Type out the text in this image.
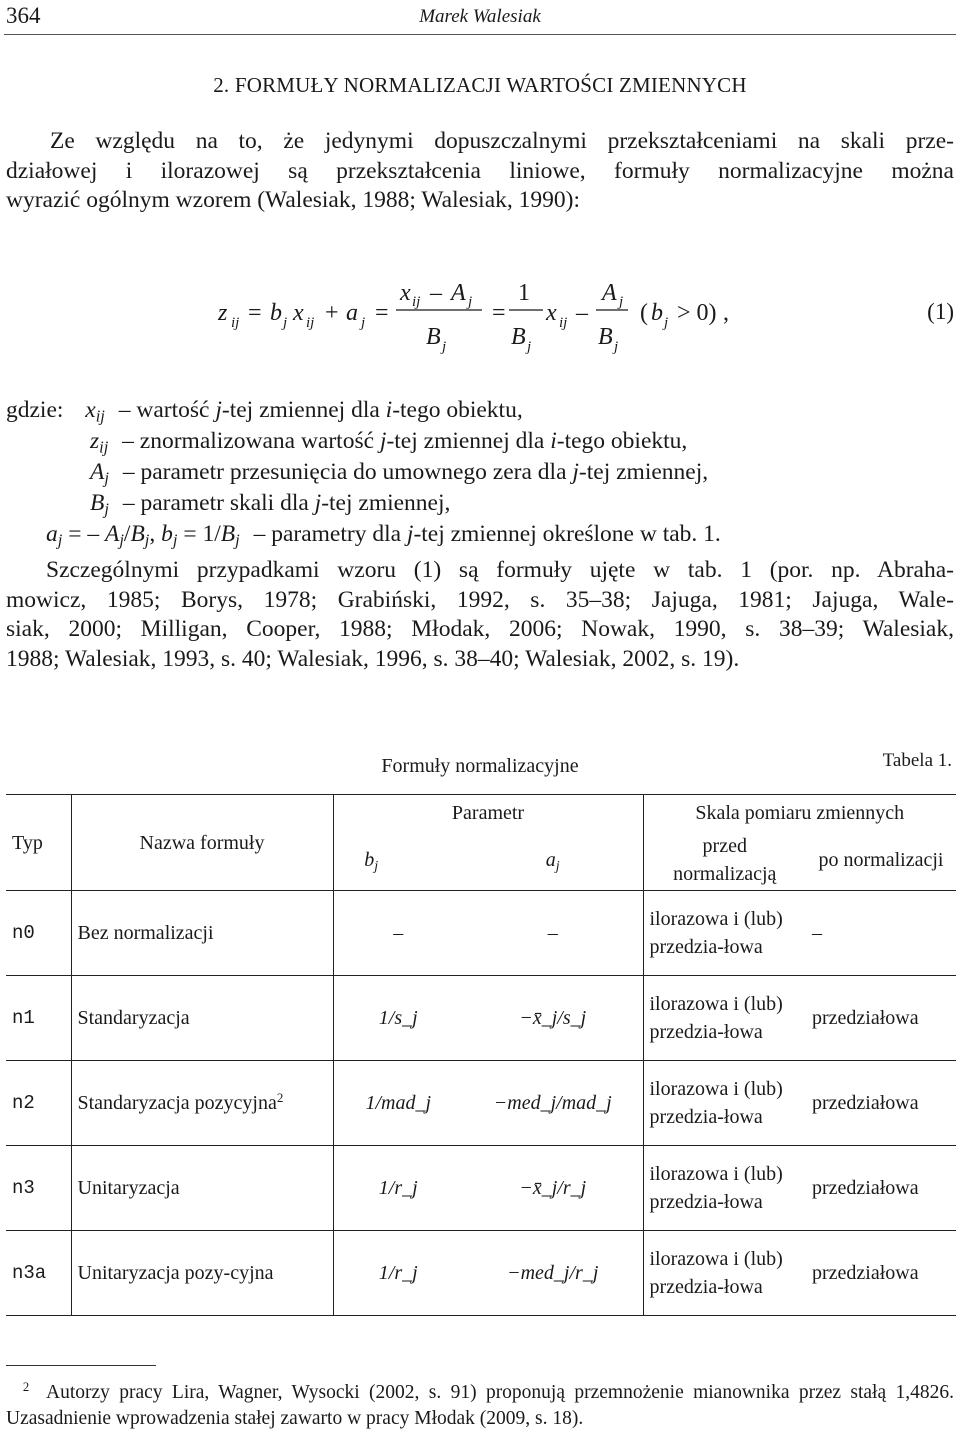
364	Marek Walesiak
2. FORMUŁY NORMALIZACJI WARTOŚCI ZMIENNYCH
Ze względu na to, że jedynymi dopuszczalnymi przekształceniami na skali prze-
działowej i ilorazowej są przekształcenia liniowe, formuły normalizacyjne można
wyrazić ogólnym wzorem (Walesiak, 1988; Walesiak, 1990):
z ij = b j x ij + a j =
x ij – A j
B j
=
1
B j
x ij –
A j
B j
( b j > 0) ,	(1)
gdzie: $x_{ij}$ – wartość j-tej zmiennej dla i-tego obiektu,
$z_{ij}$ – znormalizowana wartość j-tej zmiennej dla i-tego obiektu,
$A_j$ – parametr przesunięcia do umownego zera dla j-tej zmiennej,
$B_j$ – parametr skali dla j-tej zmiennej,
$a_j$ = – $A_j/B_j$, $b_j = 1/B_j$ – parametry dla j-tej zmiennej określone w tab. 1.
Szczególnymi przypadkami wzoru (1) są formuły ujęte w tab. 1 (por. np. Abraha-
mowicz, 1985; Borys, 1978; Grabiński, 1992, s. 35–38; Jajuga, 1981; Jajuga, Wale-
siak, 2000; Milligan, Cooper, 1988; Młodak, 2006; Nowak, 1990, s. 38–39; Walesiak,
1988; Walesiak, 1993, s. 40; Walesiak, 1996, s. 38–40; Walesiak, 2002, s. 19).
Tabela 1.
Formuły normalizacyjne
Typ	Nazwa formuły	Parametr		Skala pomiaru zmiennych	
		$b_j$	$a_j$	przed normalizacją	po normalizacji
n0	Bez normalizacji	–	–	ilorazowa i (lub) przedzia-łowa	–
n1	Standaryzacja	1/s_j	−x̄_j/s_j	ilorazowa i (lub) przedzia-łowa	przedziałowa
n2	Standaryzacja pozycyjna$^2$	1/mad_j	−med_j/mad_j	ilorazowa i (lub) przedzia-łowa	przedziałowa
n3	Unitaryzacja	1/r_j	−x̄_j/r_j	ilorazowa i (lub) przedzia-łowa	przedziałowa
n3a	Unitaryzacja pozy-cyjna	1/r_j	−med_j/r_j	ilorazowa i (lub) przedzia-łowa	przedziałowa
$^2$ Autorzy pracy Lira, Wagner, Wysocki (2002, s. 91) proponują przemnożenie mianownika przez stałą 1,4826. Uzasadnienie wprowadzenia stałej zawarto w pracy Młodak (2009, s. 18).
